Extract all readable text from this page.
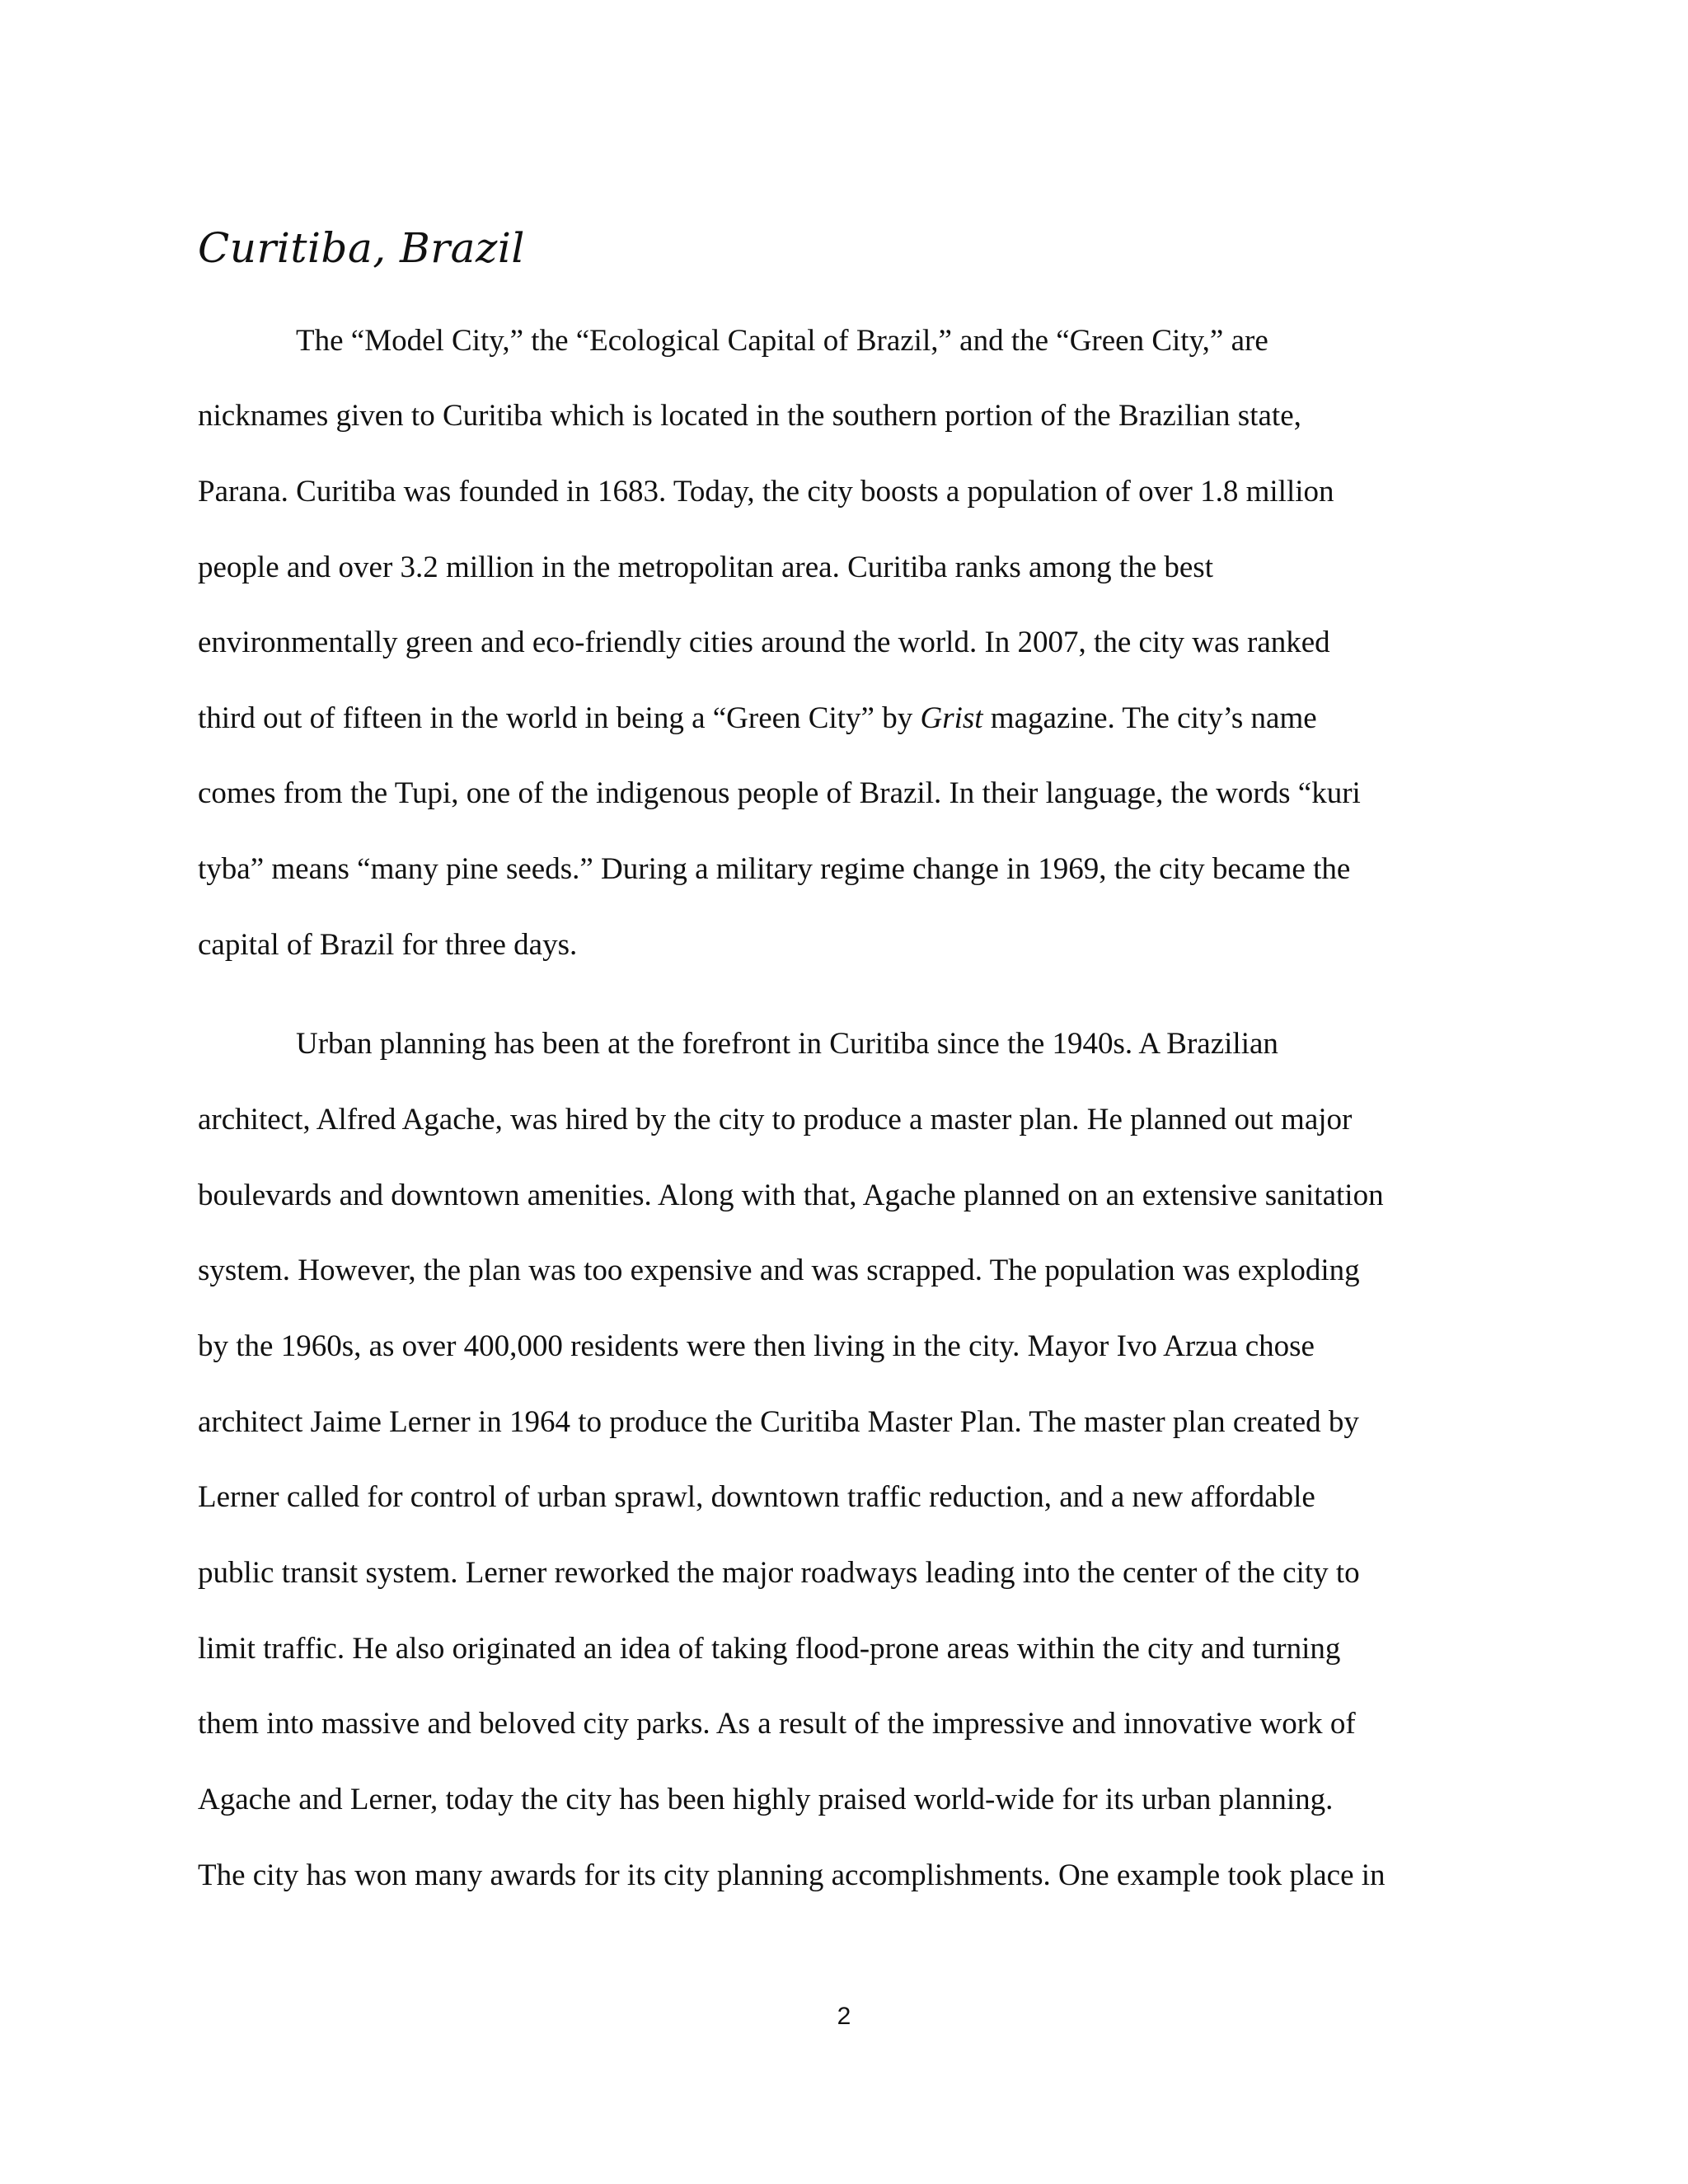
Curitiba, Brazil
The “Model City,” the “Ecological Capital of Brazil,” and the “Green City,” are
nicknames given to Curitiba which is located in the southern portion of the Brazilian state,
Parana. Curitiba was founded in 1683. Today, the city boosts a population of over 1.8 million
people and over 3.2 million in the metropolitan area. Curitiba ranks among the best
environmentally green and eco-friendly cities around the world. In 2007, the city was ranked
third out of fifteen in the world in being a “Green City” by Grist magazine. The city’s name
comes from the Tupi, one of the indigenous people of Brazil. In their language, the words “kuri
tyba” means “many pine seeds.” During a military regime change in 1969, the city became the
capital of Brazil for three days.
Urban planning has been at the forefront in Curitiba since the 1940s. A Brazilian
architect, Alfred Agache, was hired by the city to produce a master plan. He planned out major
boulevards and downtown amenities. Along with that, Agache planned on an extensive sanitation
system. However, the plan was too expensive and was scrapped. The population was exploding
by the 1960s, as over 400,000 residents were then living in the city. Mayor Ivo Arzua chose
architect Jaime Lerner in 1964 to produce the Curitiba Master Plan. The master plan created by
Lerner called for control of urban sprawl, downtown traffic reduction, and a new affordable
public transit system. Lerner reworked the major roadways leading into the center of the city to
limit traffic. He also originated an idea of taking flood-prone areas within the city and turning
them into massive and beloved city parks. As a result of the impressive and innovative work of
Agache and Lerner, today the city has been highly praised world-wide for its urban planning.
The city has won many awards for its city planning accomplishments. One example took place in
2
